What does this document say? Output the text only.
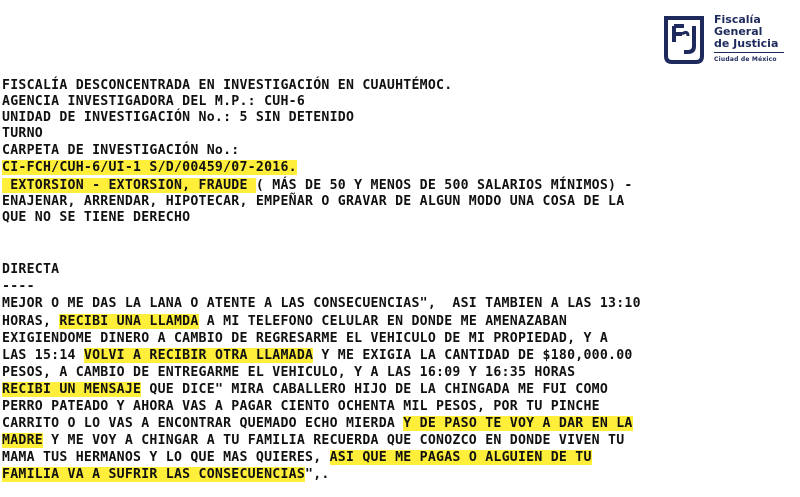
Fiscalía
General
de Justicia
Ciudad de México
FISCALÍA DESCONCENTRADA EN INVESTIGACIÓN EN CUAUHTÉMOC.
AGENCIA INVESTIGADORA DEL M.P.: CUH-6
UNIDAD DE INVESTIGACIÓN No.: 5 SIN DETENIDO
TURNO
CARPETA DE INVESTIGACIÓN No.:
CI-FCH/CUH-6/UI-1 S/D/00459/07-2016.
EXTORSION - EXTORSION, FRAUDE ( MÁS DE 50 Y MENOS DE 500 SALARIOS MÍNIMOS) -
ENAJENAR, ARRENDAR, HIPOTECAR, EMPEÑAR O GRAVAR DE ALGUN MODO UNA COSA DE LA
QUE NO SE TIENE DERECHO
DIRECTA
----
MEJOR O ME DAS LA LANA O ATENTE A LAS CONSECUENCIAS",  ASI TAMBIEN A LAS 13:10
HORAS, RECIBI UNA LLAMDA A MI TELEFONO CELULAR EN DONDE ME AMENAZABAN
EXIGIENDOME DINERO A CAMBIO DE REGRESARME EL VEHICULO DE MI PROPIEDAD, Y A
LAS 15:14 VOLVI A RECIBIR OTRA LLAMADA Y ME EXIGIA LA CANTIDAD DE $180,000.00
PESOS, A CAMBIO DE ENTREGARME EL VEHICULO, Y A LAS 16:09 Y 16:35 HORAS
RECIBI UN MENSAJE QUE DICE" MIRA CABALLERO HIJO DE LA CHINGADA ME FUI COMO
PERRO PATEADO Y AHORA VAS A PAGAR CIENTO OCHENTA MIL PESOS, POR TU PINCHE
CARRITO O LO VAS A ENCONTRAR QUEMADO ECHO MIERDA Y DE PASO TE VOY A DAR EN LA
MADRE Y ME VOY A CHINGAR A TU FAMILIA RECUERDA QUE CONOZCO EN DONDE VIVEN TU
MAMA TUS HERMANOS Y LO QUE MAS QUIERES, ASI QUE ME PAGAS O ALGUIEN DE TU
FAMILIA VA A SUFRIR LAS CONSECUENCIAS",.
